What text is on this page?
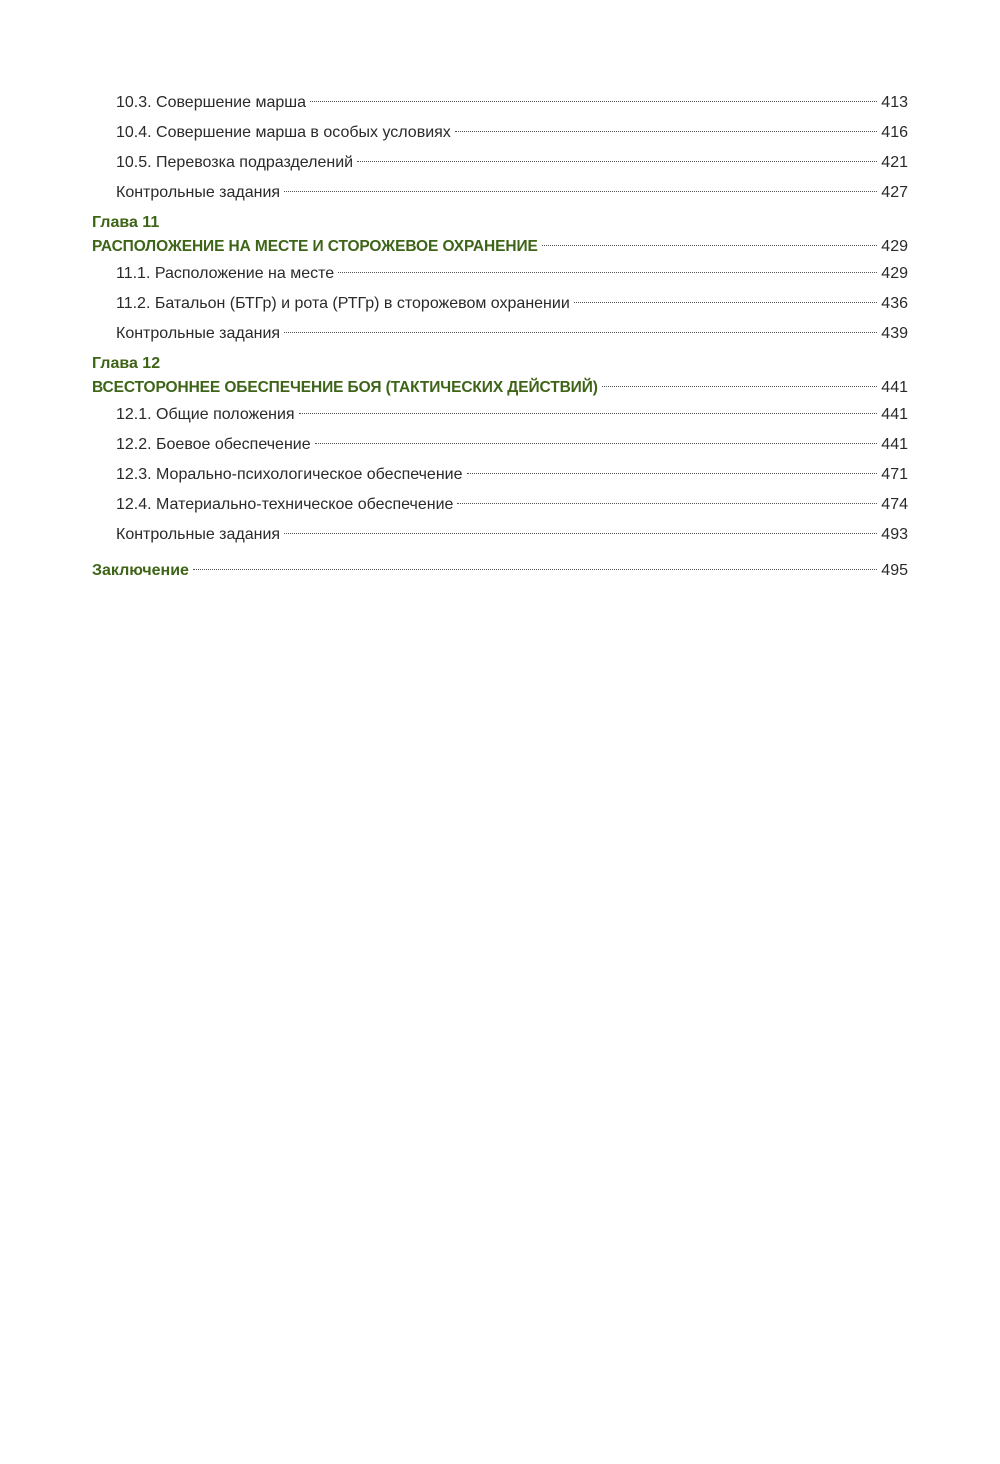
10.3. Совершение марша	413
10.4. Совершение марша в особых условиях	416
10.5. Перевозка подразделений	421
Контрольные задания	427
Глава 11
РАСПОЛОЖЕНИЕ НА МЕСТЕ И СТОРОЖЕВОЕ ОХРАНЕНИЕ	429
11.1. Расположение на месте	429
11.2. Батальон (БТГр) и рота (РТГр) в сторожевом охранении	436
Контрольные задания	439
Глава 12
ВСЕСТОРОННЕЕ ОБЕСПЕЧЕНИЕ БОЯ (ТАКТИЧЕСКИХ ДЕЙСТВИЙ)	441
12.1. Общие положения	441
12.2. Боевое обеспечение	441
12.3. Морально-психологическое обеспечение	471
12.4. Материально-техническое обеспечение	474
Контрольные задания	493
Заключение	495
